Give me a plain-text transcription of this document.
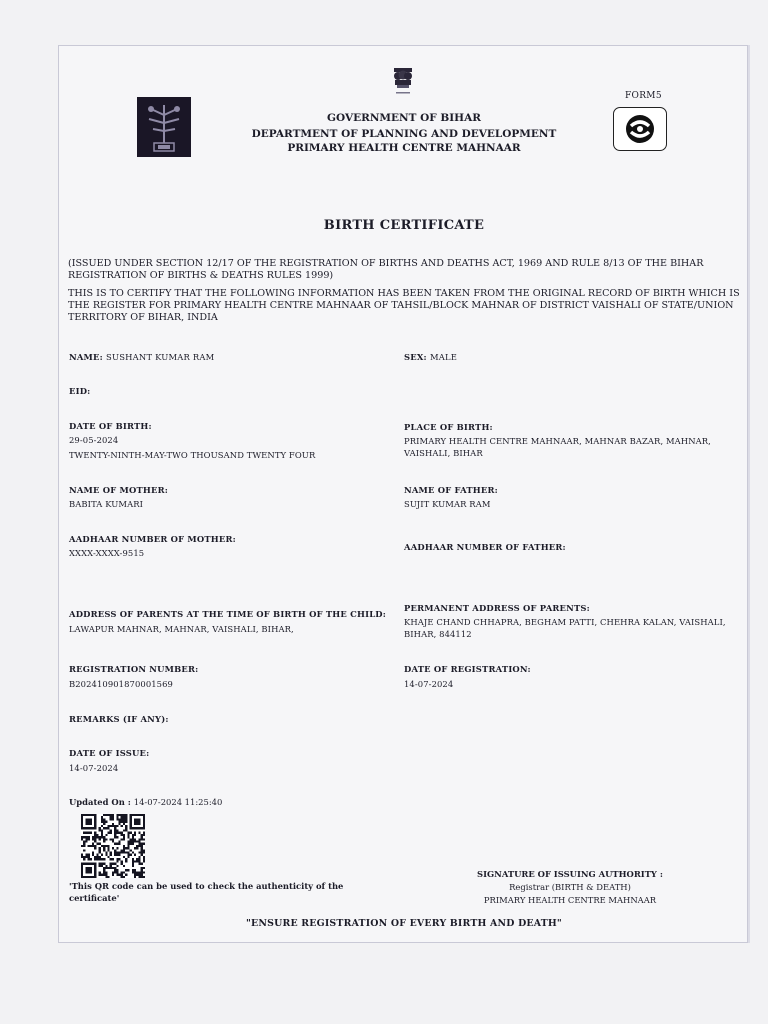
FORM5
GOVERNMENT OF BIHAR
DEPARTMENT OF PLANNING AND DEVELOPMENT
PRIMARY HEALTH CENTRE MAHNAAR
BIRTH CERTIFICATE
(ISSUED UNDER SECTION 12/17 OF THE REGISTRATION OF BIRTHS AND DEATHS ACT, 1969 AND RULE 8/13 OF THE BIHAR REGISTRATION OF BIRTHS & DEATHS RULES 1999)
THIS IS TO CERTIFY THAT THE FOLLOWING INFORMATION HAS BEEN TAKEN FROM THE ORIGINAL RECORD OF BIRTH WHICH IS THE REGISTER FOR PRIMARY HEALTH CENTRE MAHNAAR OF TAHSIL/BLOCK MAHNAR OF DISTRICT VAISHALI OF STATE/UNION TERRITORY OF BIHAR, INDIA
NAME: SUSHANT KUMAR RAM	SEX: MALE
EID:
DATE OF BIRTH:
29-05-2024
TWENTY-NINTH-MAY-TWO THOUSAND TWENTY FOUR
PLACE OF BIRTH:
PRIMARY HEALTH CENTRE MAHNAAR, MAHNAR BAZAR, MAHNAR, VAISHALI, BIHAR
NAME OF MOTHER:
BABITA KUMARI
NAME OF FATHER:
SUJIT KUMAR RAM
AADHAAR NUMBER OF MOTHER:
XXXX-XXXX-9515
AADHAAR NUMBER OF FATHER:
ADDRESS OF PARENTS AT THE TIME OF BIRTH OF THE CHILD:
LAWAPUR MAHNAR, MAHNAR, VAISHALI, BIHAR,
PERMANENT ADDRESS OF PARENTS:
KHAJE CHAND CHHAPRA, BEGHAM PATTI, CHEHRA KALAN, VAISHALI, BIHAR, 844112
REGISTRATION NUMBER:
B202410901870001569
DATE OF REGISTRATION:
14-07-2024
REMARKS (IF ANY):
DATE OF ISSUE:
14-07-2024
Updated On : 14-07-2024 11:25:40
'This QR code can be used to check the authenticity of the certificate'
SIGNATURE OF ISSUING AUTHORITY :
Registrar (BIRTH & DEATH)
PRIMARY HEALTH CENTRE MAHNAAR
"ENSURE REGISTRATION OF EVERY BIRTH AND DEATH"
